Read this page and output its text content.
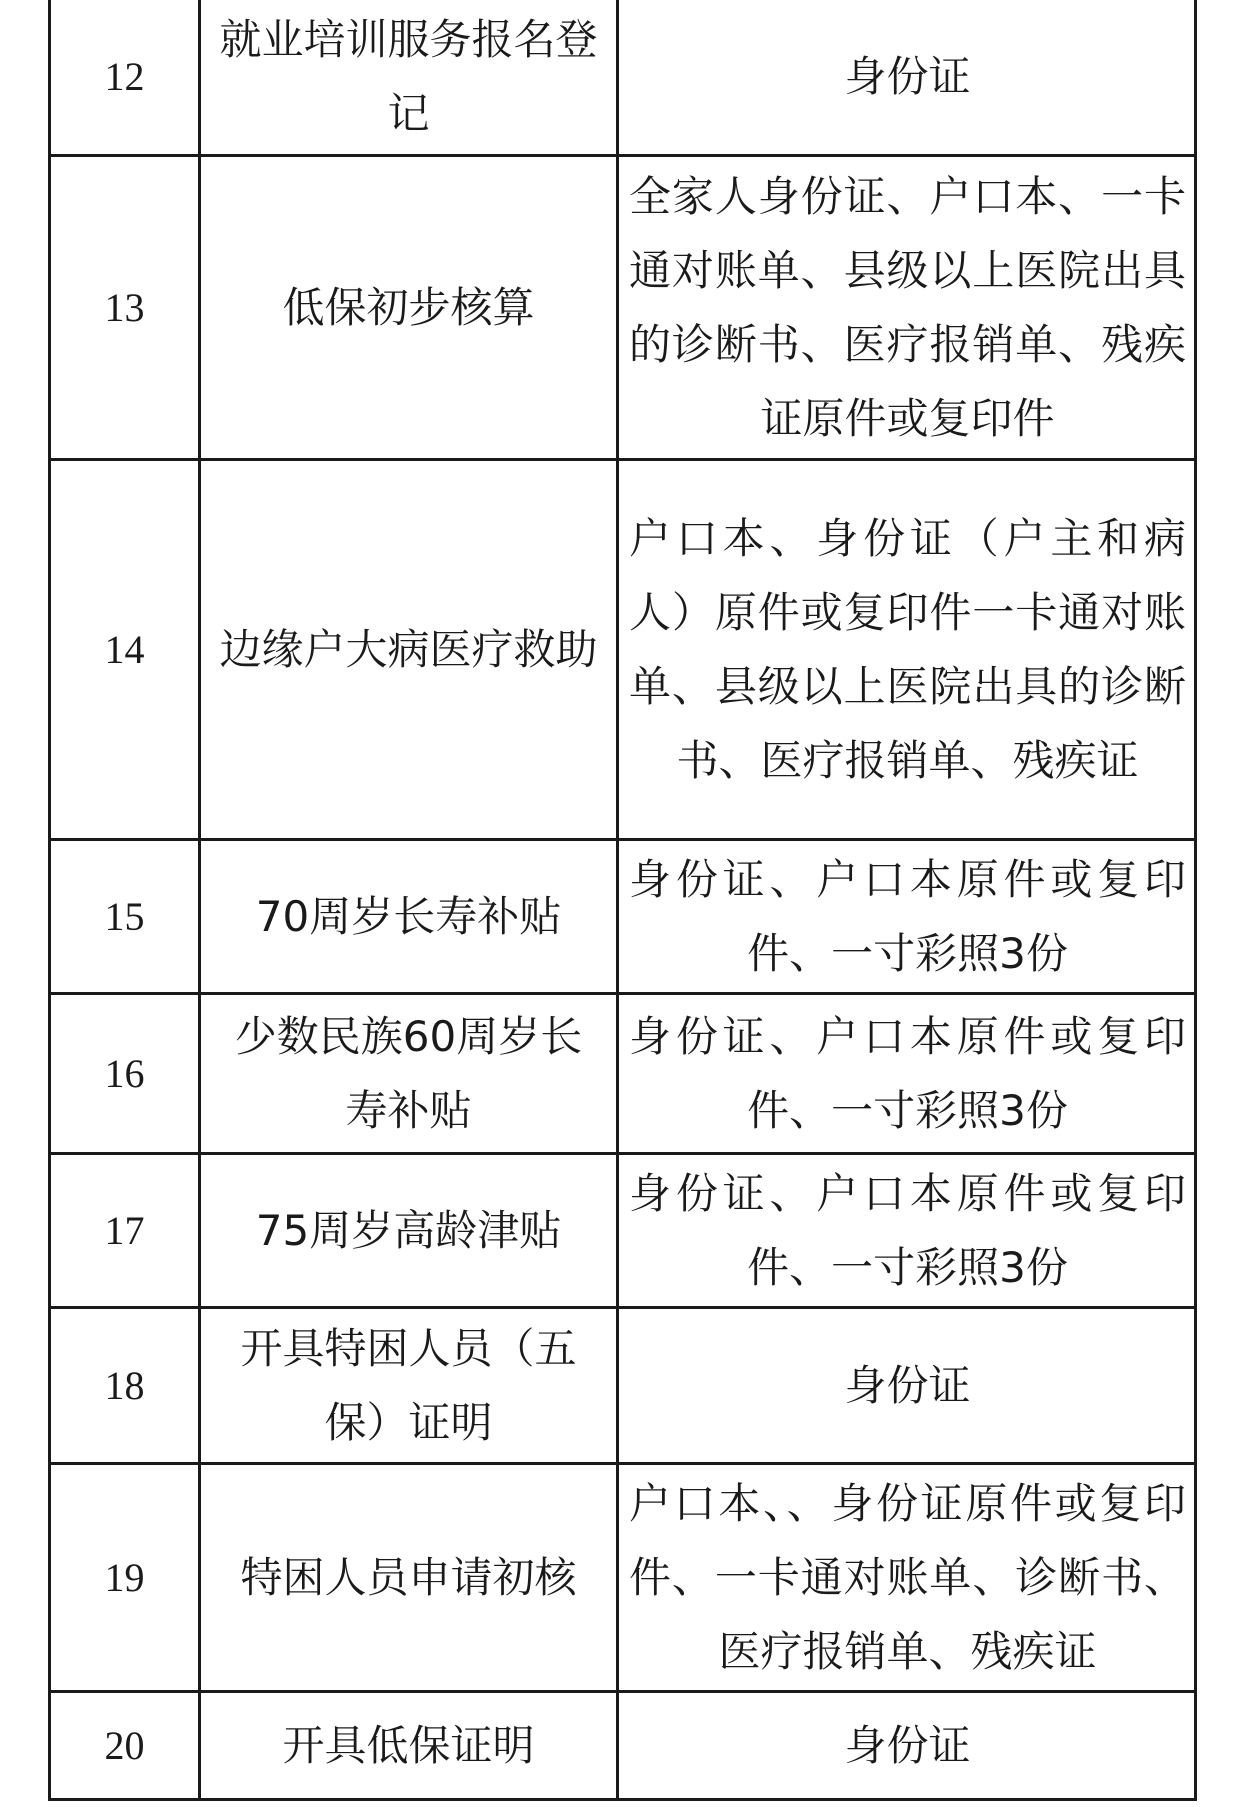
12	就业培训服务报名登记	身份证

13	低保初步核算	全家人身份证、户口本、一卡通对账单、县级以上医院出具的诊断书、医疗报销单、残疾证原件或复印件

14	边缘户大病医疗救助	户口本、身份证（户主和病人）原件或复印件一卡通对账单、县级以上医院出具的诊断书、医疗报销单、残疾证

15	70周岁长寿补贴	身份证、户口本原件或复印件、一寸彩照3份

16	少数民族60周岁长寿补贴	身份证、户口本原件或复印件、一寸彩照3份

17	75周岁高龄津贴	身份证、户口本原件或复印件、一寸彩照3份

18	开具特困人员（五保）证明	身份证

19	特困人员申请初核	户口本、、身份证原件或复印件、一卡通对账单、诊断书、医疗报销单、残疾证

20	开具低保证明	身份证
